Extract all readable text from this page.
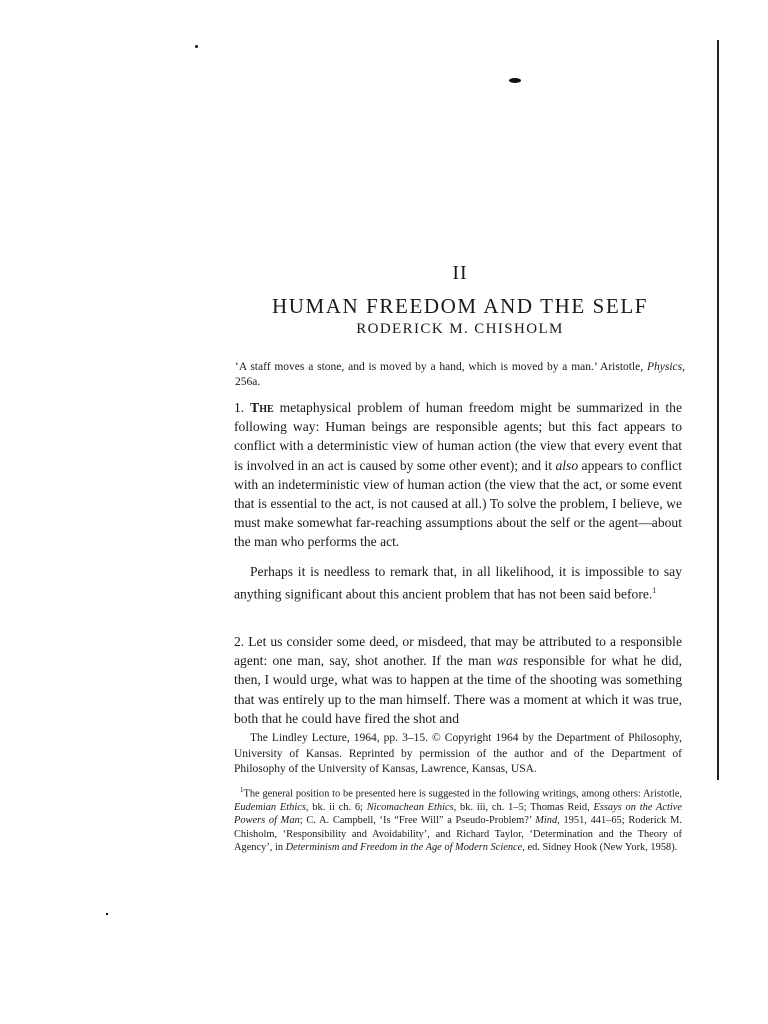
II
HUMAN FREEDOM AND THE SELF
RODERICK M. CHISHOLM
‘A staff moves a stone, and is moved by a hand, which is moved by a man.’ Aristotle, Physics, 256a.

1. The metaphysical problem of human freedom might be summarized in the following way: Human beings are responsible agents; but this fact appears to conflict with a deterministic view of human action (the view that every event that is involved in an act is caused by some other event); and it also appears to conflict with an indeterministic view of human action (the view that the act, or some event that is essential to the act, is not caused at all.) To solve the problem, I believe, we must make somewhat far-reaching assumptions about the self or the agent—about the man who performs the act.

Perhaps it is needless to remark that, in all likelihood, it is impossible to say anything significant about this ancient problem that has not been said before.$^1$

2. Let us consider some deed, or misdeed, that may be attributed to a responsible agent: one man, say, shot another. If the man was responsible for what he did, then, I would urge, what was to happen at the time of the shooting was something that was entirely up to the man himself. There was a moment at which it was true, both that he could have fired the shot and

The Lindley Lecture, 1964, pp. 3–15. © Copyright 1964 by the Department of Philosophy, University of Kansas. Reprinted by permission of the author and of the Department of Philosophy of the University of Kansas, Lawrence, Kansas, USA.

$^1$The general position to be presented here is suggested in the following writings, among others: Aristotle, Eudemian Ethics, bk. ii ch. 6; Nicomachean Ethics, bk. iii, ch. 1–5; Thomas Reid, Essays on the Active Powers of Man; C. A. Campbell, ‘Is “Free Will” a Pseudo-Problem?’ Mind, 1951, 441–65; Roderick M. Chisholm, ‘Responsibility and Avoidability’, and Richard Taylor, ‘Determination and the Theory of Agency’, in Determinism and Freedom in the Age of Modern Science, ed. Sidney Hook (New York, 1958).
